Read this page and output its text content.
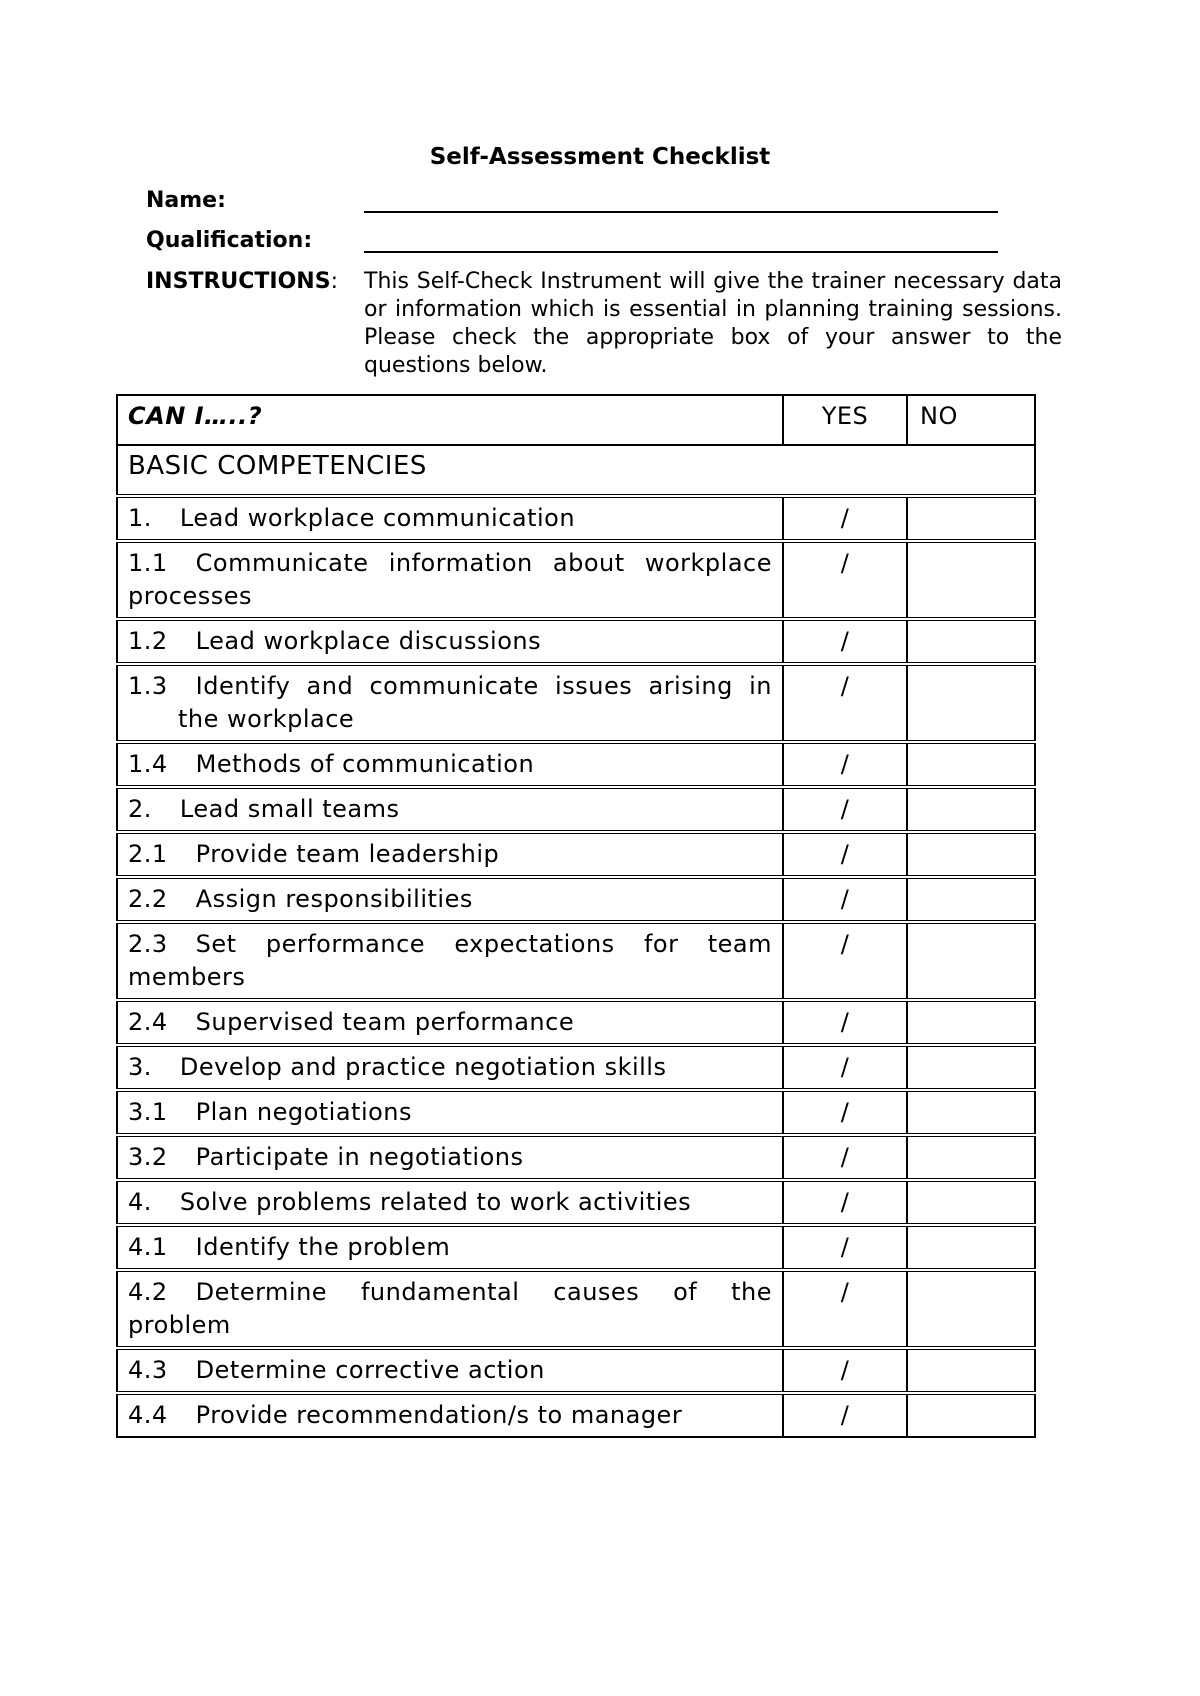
Self-Assessment Checklist
Name:
Qualification:
INSTRUCTIONS: This Self-Check Instrument will give the trainer necessary data or information which is essential in planning training sessions. Please check the appropriate box of your answer to the questions below.
CAN I…..?	YES	NO
BASIC COMPETENCIES		
1. Lead workplace communication	/	
1.1 Communicate information about workplace processes	/	
1.2 Lead workplace discussions	/	

1.3 Identify and communicate issues arising in the workplace	/	
1.4 Methods of communication	/	
2. Lead small teams	/	
2.1 Provide team leadership	/	
2.2 Assign responsibilities	/	
2.3 Set performance expectations for team members	/	
2.4 Supervised team performance	/	
3. Develop and practice negotiation skills	/	
3.1 Plan negotiations	/	
3.2 Participate in negotiations	/	
4. Solve problems related to work activities	/	
4.1 Identify the problem	/	
4.2 Determine fundamental causes of the problem	/	
4.3 Determine corrective action	/	
4.4 Provide recommendation/s to manager	/	
